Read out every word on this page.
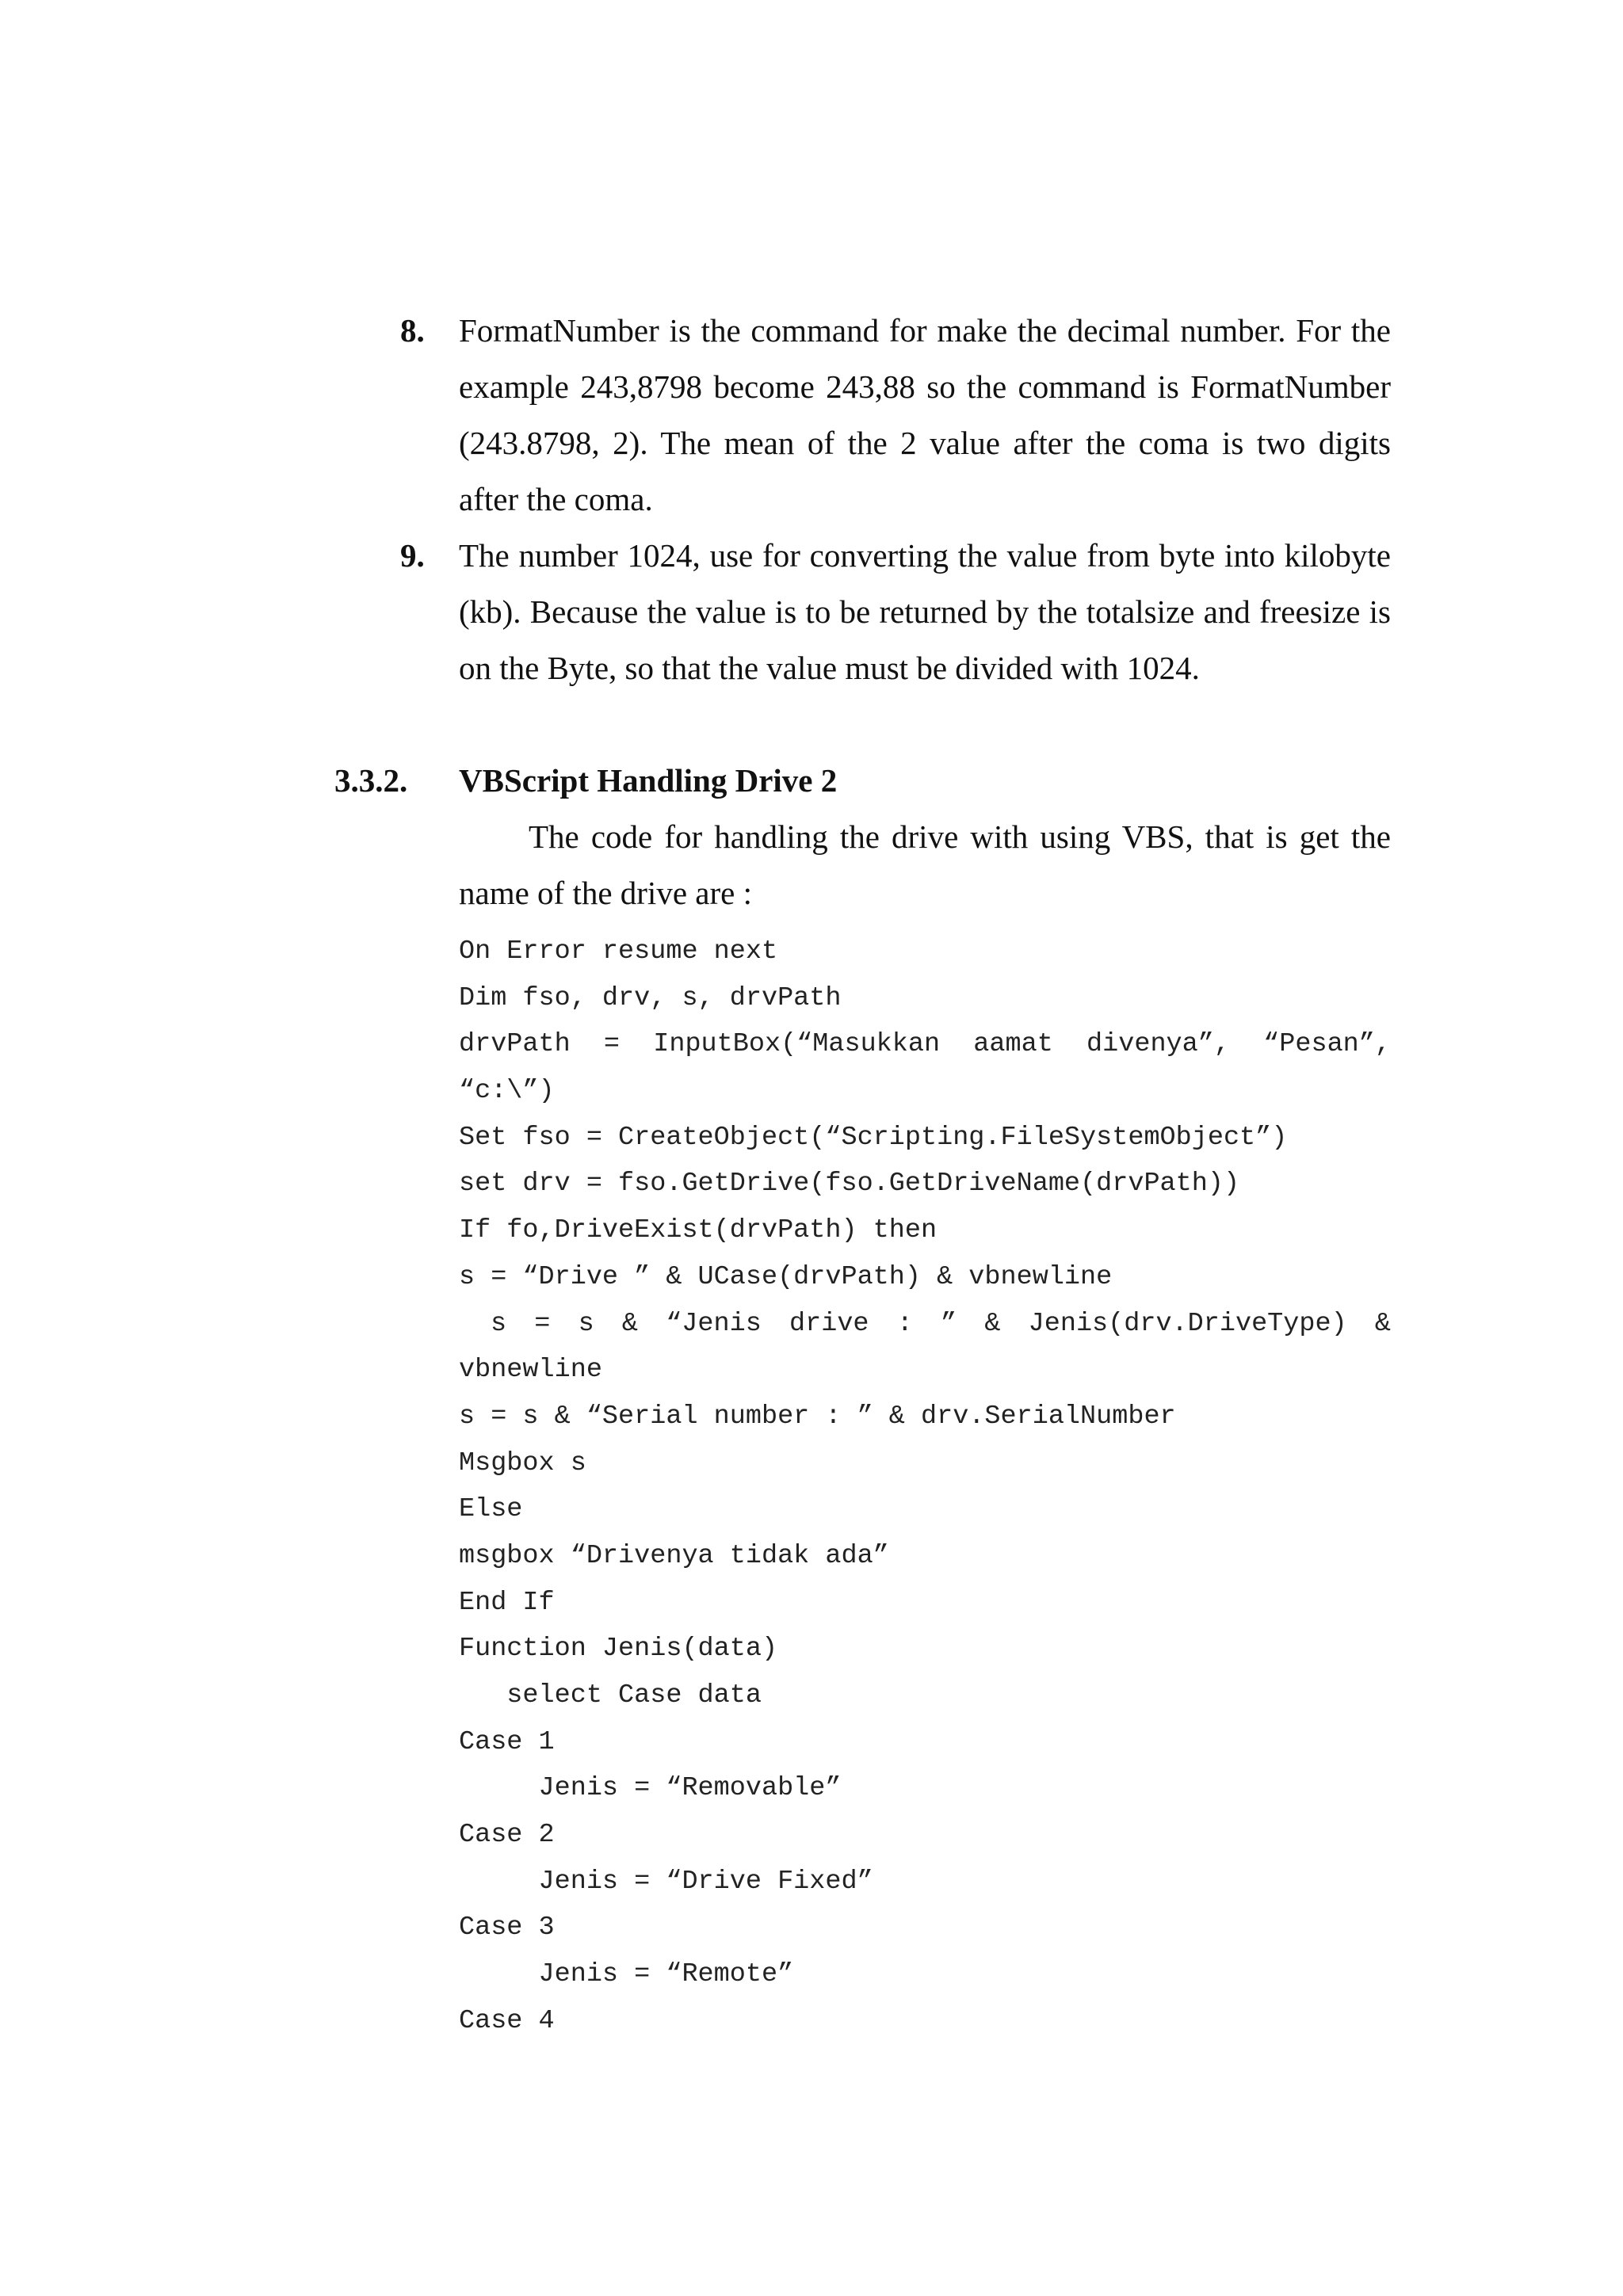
8. FormatNumber is the command for make the decimal number. For the
example 243,8798 become 243,88 so the command is FormatNumber
(243.8798, 2). The mean of the 2 value after the coma is two digits
after the coma.
9. The number 1024, use for converting the value from byte into kilobyte
(kb). Because the value is to be returned by the totalsize and freesize is
on the Byte, so that the value must be divided with 1024.
3.3.2. VBScript Handling Drive 2
The code for handling the drive with using VBS, that is get the
name of the drive are :
On Error resume next
Dim fso, drv, s, drvPath
drvPath = InputBox(“Masukkan aamat divenya”, “Pesan”,
“c:\”)
Set fso = CreateObject(“Scripting.FileSystemObject”)
set drv = fso.GetDrive(fso.GetDriveName(drvPath))
If fo,DriveExist(drvPath) then
s = “Drive ” & UCase(drvPath) & vbnewline
s = s & “Jenis drive : ” & Jenis(drv.DriveType) &
vbnewline
s = s & “Serial number : ” & drv.SerialNumber
Msgbox s
Else
msgbox “Drivenya tidak ada”
End If
Function Jenis(data)
select Case data
Case 1
Jenis = “Removable”
Case 2
Jenis = “Drive Fixed”
Case 3
Jenis = “Remote”
Case 4
